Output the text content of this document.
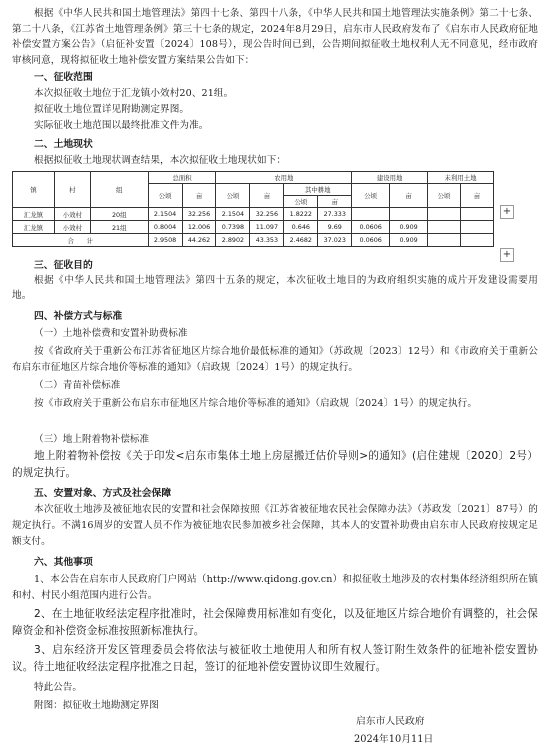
根据《中华人民共和国土地管理法》第四十七条、第四十八条，《中华人民共和国土地管理法实施条例》第二十七条、第二十八条，《江苏省土地管理条例》第三十七条的规定，2024年8月29日，启东市人民政府发布了《启东市人民政府征地补偿安置方案公告》（启征补安置〔2024〕108号），现公告时间已到，公告期间拟征收土地权利人无不同意见，经市政府审核同意，现将拟征收土地补偿安置方案结果公告如下：
一、征收范围
本次拟征收土地位于汇龙镇小效村20、21组。
拟征收土地位置详见附勘测定界图。
实际征收土地范围以最终批准文件为准。
二、土地现状
根据拟征收土地现状调查结果，本次拟征收土地现状如下：
镇	村	组	总面积		农用地				建设用地		未利用土地	
			公顷	亩	公顷	亩	其中耕地		公顷	亩	公顷	亩
							公顷	亩				
汇龙镇	小效村	20组	2.1504	32.256	2.1504	32.256	1.8222	27.333				
汇龙镇	小效村	21组	0.8004	12.006	0.7398	11.097	0.646	9.69	0.0606	0.909		
合　　计			2.9508	44.262	2.8902	43.353	2.4682	37.023	0.0606	0.909		
+
+
三、征收目的
根据《中华人民共和国土地管理法》第四十五条的规定，本次征收土地目的为政府组织实施的成片开发建设需要用地。
四、补偿方式与标准
（一）土地补偿费和安置补助费标准
按《省政府关于重新公布江苏省征地区片综合地价最低标准的通知》（苏政规〔2023〕12号）和《市政府关于重新公布启东市征地区片综合地价等标准的通知》（启政规〔2024〕1号）的规定执行。
（二）青苗补偿标准
按《市政府关于重新公布启东市征地区片综合地价等标准的通知》（启政规〔2024〕1号）的规定执行。
（三）地上附着物补偿标准
地上附着物补偿按《关于印发<启东市集体土地上房屋搬迁估价导则>的通知》(启住建规〔2020〕2号）的规定执行。
五、安置对象、方式及社会保障
本次征收土地涉及被征地农民的安置和社会保障按照《江苏省被征地农民社会保障办法》（苏政发〔2021〕87号）的规定执行。不满16周岁的安置人员不作为被征地农民参加被乡社会保障，其本人的安置补助费由启东市人民政府按规定足额支付。
六、其他事项
1、本公告在启东市人民政府门户网站（http://www.qidong.gov.cn）和拟征收土地涉及的农村集体经济组织所在镇和村、村民小组范围内进行公告。
2、在土地征收经法定程序批准时，社会保障费用标准如有变化，以及征地区片综合地价有调整的，社会保障资金和补偿资金标准按照新标准执行。
3、启东经济开发区管理委员会将依法与被征收土地使用人和所有权人签订附生效条件的征地补偿安置协议。待土地征收经法定程序批准之日起，签订的征地补偿安置协议即生效履行。
特此公告。
附图：拟征收土地勘测定界图
启东市人民政府
2024年10月11日
